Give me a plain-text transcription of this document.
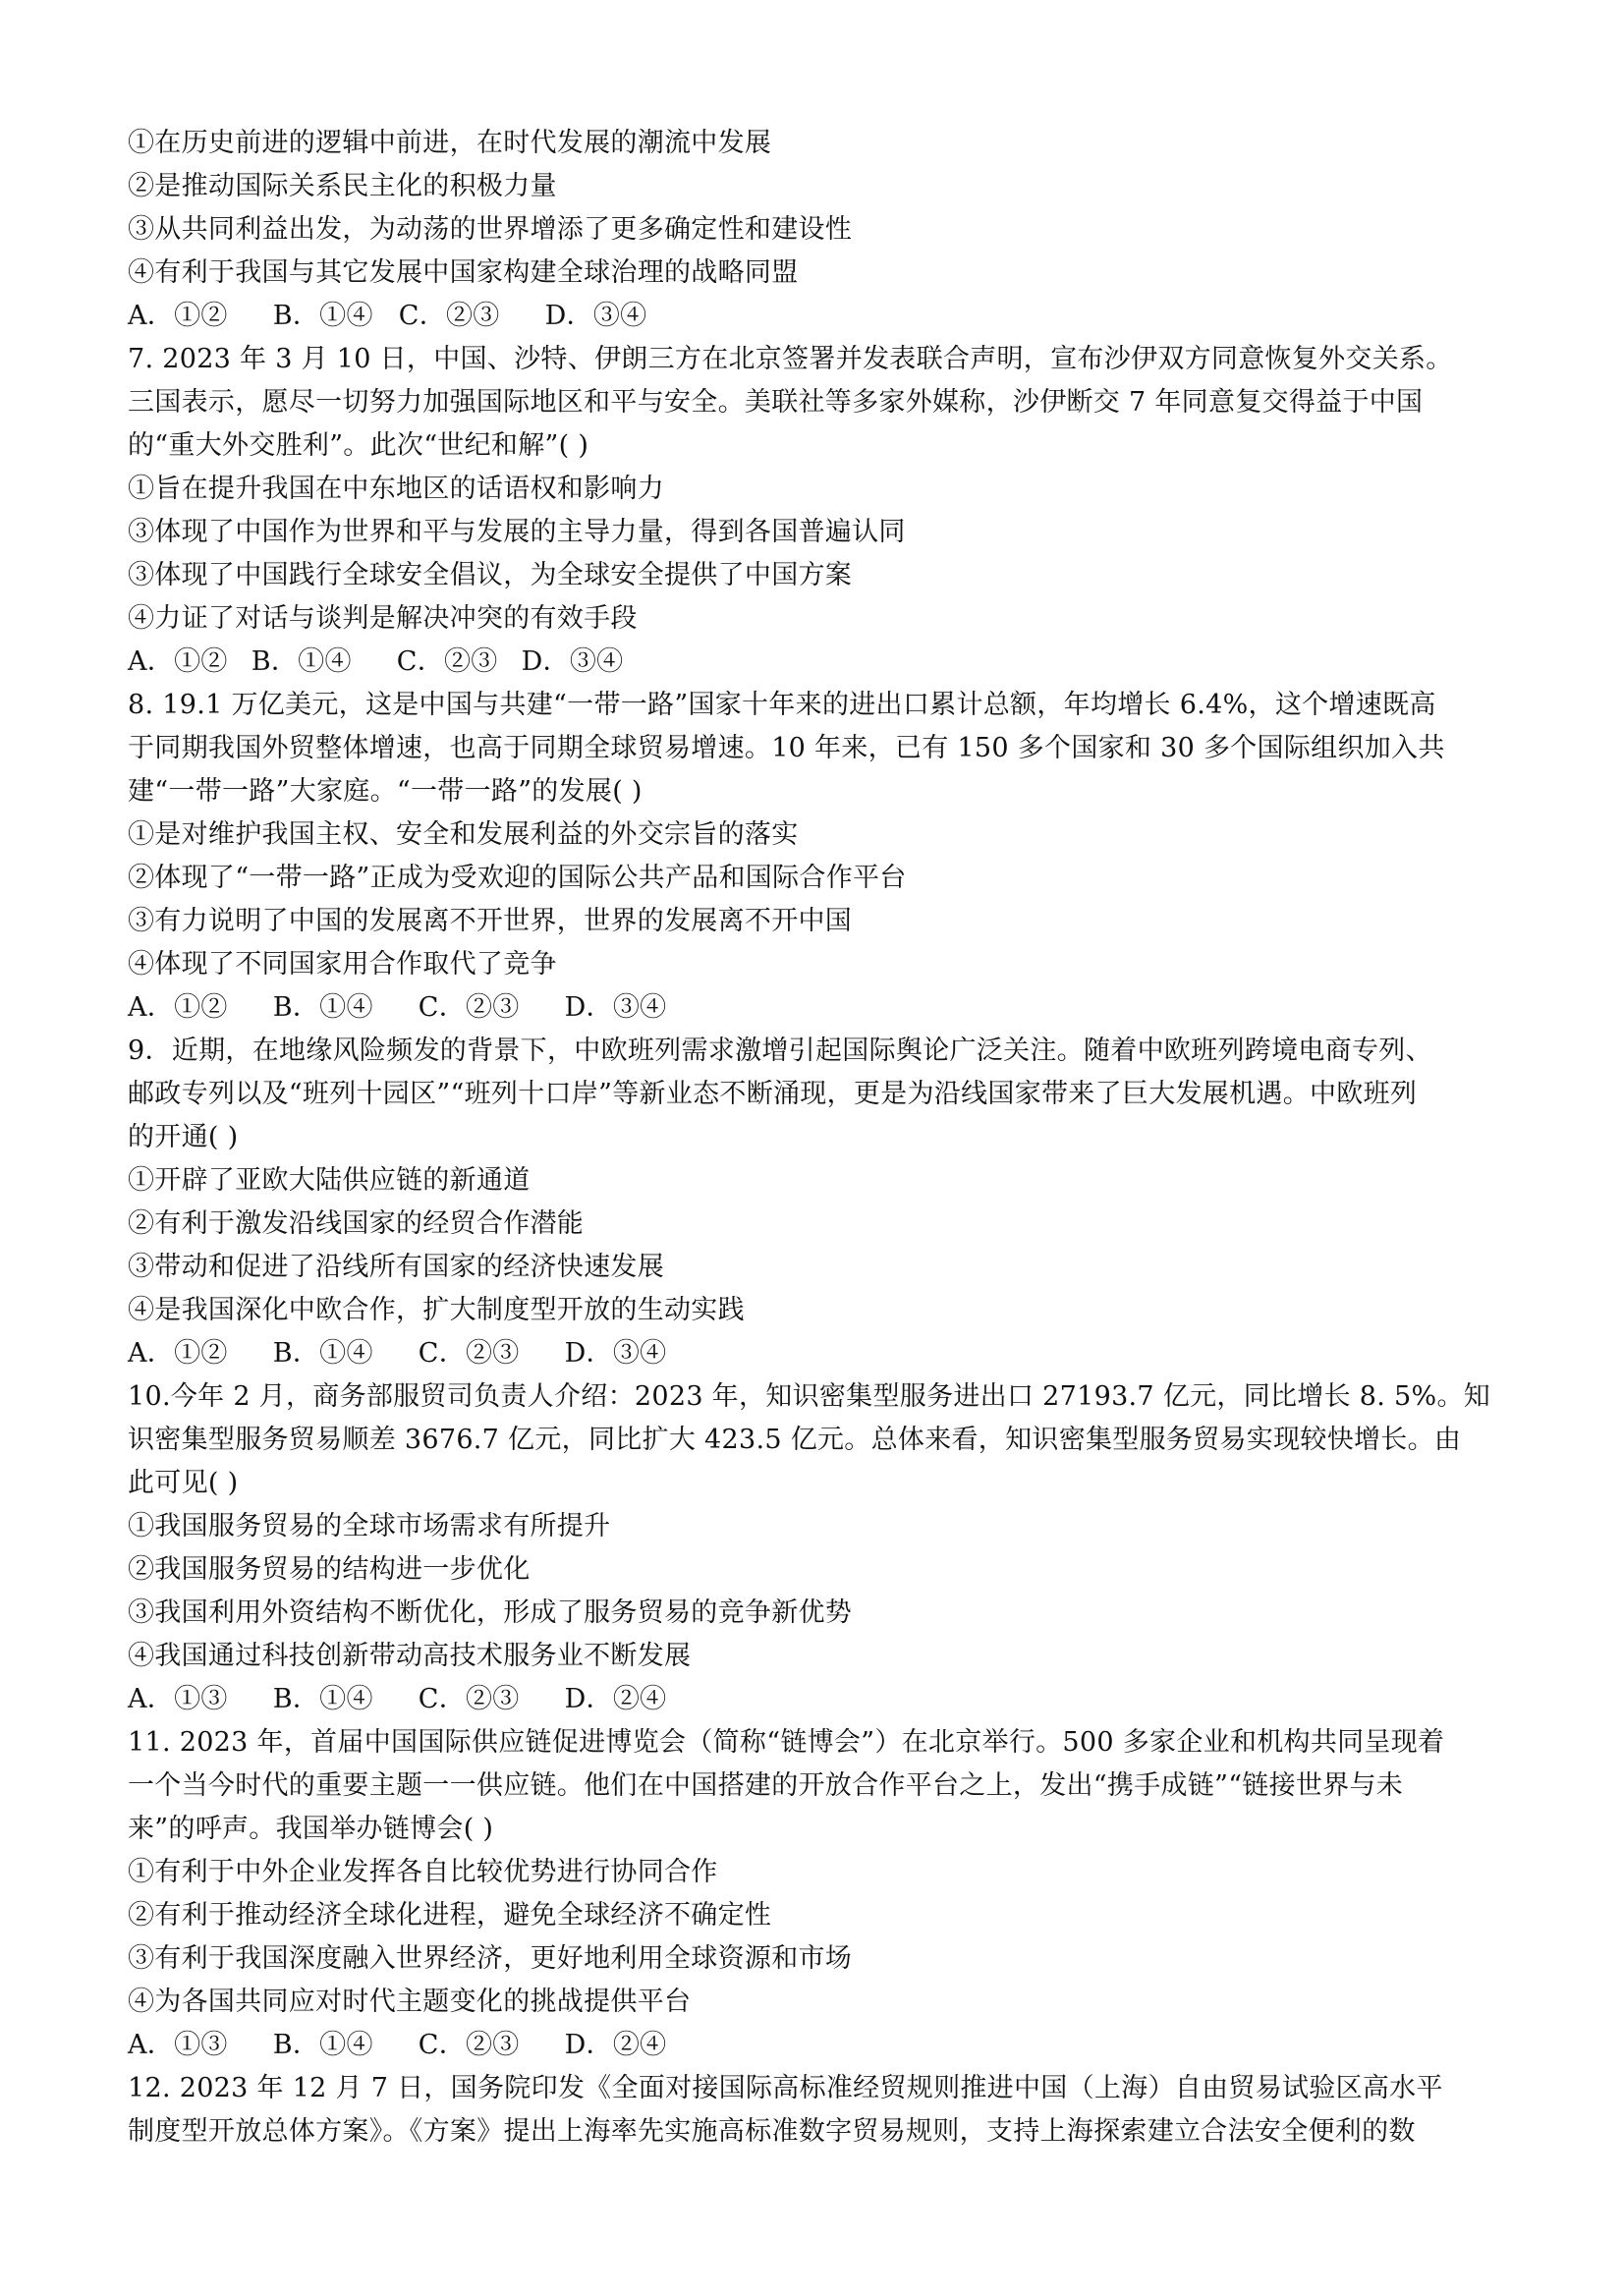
①在历史前进的逻辑中前进，在时代发展的潮流中发展
②是推动国际关系民主化的积极力量
③从共同利益出发，为动荡的世界增添了更多确定性和建设性
④有利于我国与其它发展中国家构建全球治理的战略同盟
A．①② B．①④ C．②③ D．③④
7. 2023 年 3 月 10 日，中国、沙特、伊朗三方在北京签署并发表联合声明，宣布沙伊双方同意恢复外交关系。
三国表示，愿尽一切努力加强国际地区和平与安全。美联社等多家外媒称，沙伊断交 7 年同意复交得益于中国
的“重大外交胜利”。此次“世纪和解”( )
①旨在提升我国在中东地区的话语权和影响力
③体现了中国作为世界和平与发展的主导力量，得到各国普遍认同
③体现了中国践行全球安全倡议，为全球安全提供了中国方案
④力证了对话与谈判是解决冲突的有效手段
A．①② B．①④ C．②③ D．③④
8. 19.1 万亿美元，这是中国与共建“一带一路”国家十年来的进出口累计总额，年均增长 6.4%，这个增速既高
于同期我国外贸整体增速，也高于同期全球贸易增速。10 年来，已有 150 多个国家和 30 多个国际组织加入共
建“一带一路”大家庭。“一带一路”的发展( )
①是对维护我国主权、安全和发展利益的外交宗旨的落实
②体现了“一带一路”正成为受欢迎的国际公共产品和国际合作平台
③有力说明了中国的发展离不开世界，世界的发展离不开中国
④体现了不同国家用合作取代了竞争
A．①② B．①④ C．②③ D．③④
9．近期，在地缘风险频发的背景下，中欧班列需求激增引起国际舆论广泛关注。随着中欧班列跨境电商专列、
邮政专列以及“班列十园区”“班列十口岸”等新业态不断涌现，更是为沿线国家带来了巨大发展机遇。中欧班列
的开通( )
①开辟了亚欧大陆供应链的新通道
②有利于激发沿线国家的经贸合作潜能
③带动和促进了沿线所有国家的经济快速发展
④是我国深化中欧合作，扩大制度型开放的生动实践
A．①② B．①④ C．②③ D．③④
10.今年 2 月，商务部服贸司负责人介绍：2023 年，知识密集型服务进出口 27193.7 亿元，同比增长 8. 5%。知
识密集型服务贸易顺差 3676.7 亿元，同比扩大 423.5 亿元。总体来看，知识密集型服务贸易实现较快增长。由
此可见( )
①我国服务贸易的全球市场需求有所提升
②我国服务贸易的结构进一步优化
③我国利用外资结构不断优化，形成了服务贸易的竞争新优势
④我国通过科技创新带动高技术服务业不断发展
A．①③ B．①④ C．②③ D．②④
11. 2023 年，首届中国国际供应链促进博览会（简称“链博会”）在北京举行。500 多家企业和机构共同呈现着
一个当今时代的重要主题一一供应链。他们在中国搭建的开放合作平台之上，发出“携手成链”“链接世界与未
来”的呼声。我国举办链博会( )
①有利于中外企业发挥各自比较优势进行协同合作
②有利于推动经济全球化进程，避免全球经济不确定性
③有利于我国深度融入世界经济，更好地利用全球资源和市场
④为各国共同应对时代主题变化的挑战提供平台
A．①③ B．①④ C．②③ D．②④
12. 2023 年 12 月 7 日，国务院印发《全面对接国际高标准经贸规则推进中国（上海）自由贸易试验区高水平
制度型开放总体方案》。《方案》提出上海率先实施高标准数字贸易规则，支持上海探索建立合法安全便利的数
